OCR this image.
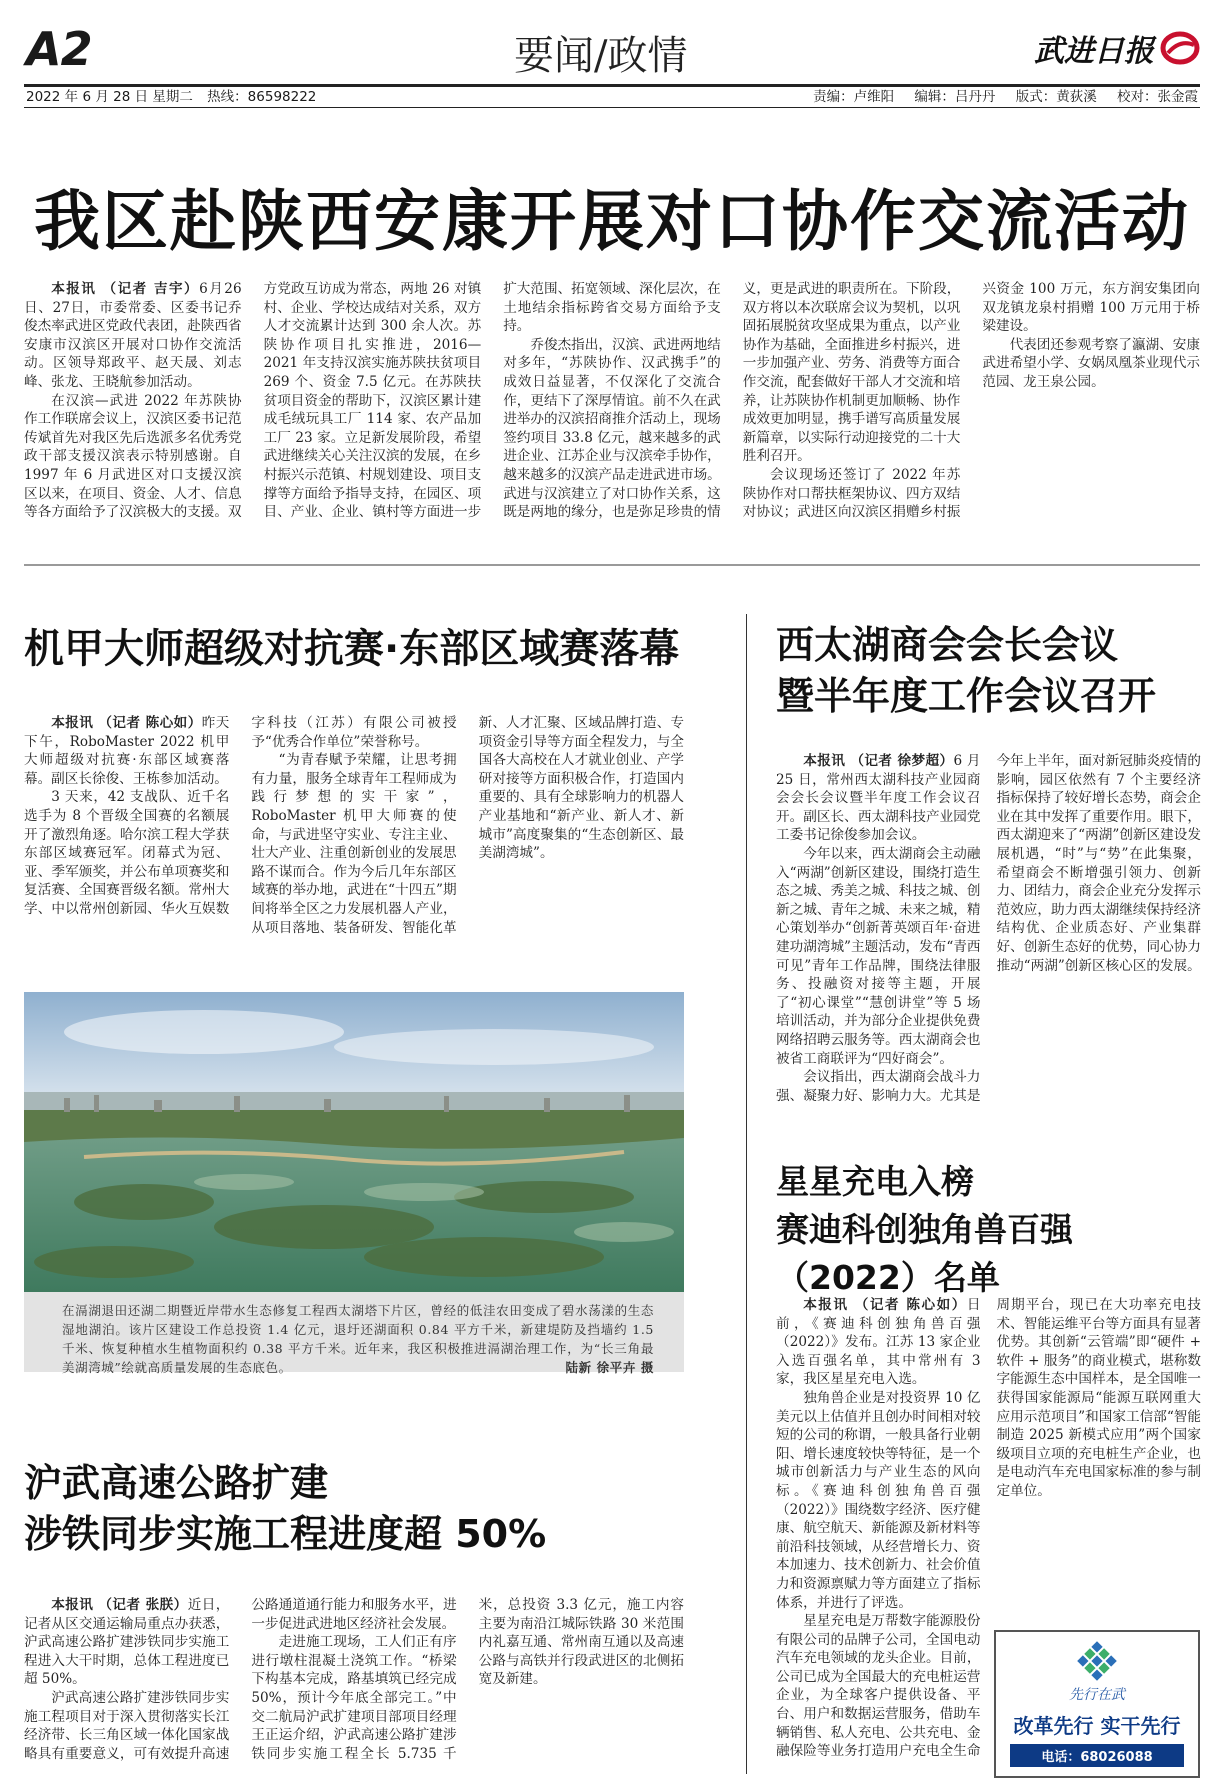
A2	要闻/政情	武进日报
2022 年 6 月 28 日 星期二 热线：86598222	责编：卢维阳 编辑：吕丹丹 版式：黄荻溪 校对：张金霞
我区赴陕西安康开展对口协作交流活动

本报讯 （记者 吉宇）6月26日、27日，市委常委、区委书记乔俊杰率武进区党政代表团，赴陕西省安康市汉滨区开展对口协作交流活动。区领导郑政平、赵天晟、刘志峰、张龙、王晓航参加活动。

在汉滨—武进 2022 年苏陕协作工作联席会议上，汉滨区委书记范传斌首先对我区先后选派多名优秀党政干部支援汉滨表示特别感谢。自 1997 年 6 月武进区对口支援汉滨区以来，在项目、资金、人才、信息等各方面给予了汉滨极大的支援。双方党政互访成为常态，两地 26 对镇村、企业、学校达成结对关系，双方人才交流累计达到 300 余人次。苏陕协作项目扎实推进，2016—2021 年支持汉滨实施苏陕扶贫项目 269 个、资金 7.5 亿元。在苏陕扶贫项目资金的帮助下，汉滨区累计建成毛绒玩具工厂 114 家、农产品加工厂 23 家。立足新发展阶段，希望武进继续关心关注汉滨的发展，在乡村振兴示范镇、村规划建设、项目支撑等方面给予指导支持，在园区、项目、产业、企业、镇村等方面进一步扩大范围、拓宽领域、深化层次，在土地结余指标跨省交易方面给予支持。

乔俊杰指出，汉滨、武进两地结对多年，“苏陕协作、汉武携手”的成效日益显著，不仅深化了交流合作，更结下了深厚情谊。前不久在武进举办的汉滨招商推介活动上，现场签约项目 33.8 亿元，越来越多的武进企业、江苏企业与汉滨牵手协作，越来越多的汉滨产品走进武进市场。武进与汉滨建立了对口协作关系，这既是两地的缘分，也是弥足珍贵的情义，更是武进的职责所在。下阶段，双方将以本次联席会议为契机，以巩固拓展脱贫攻坚成果为重点，以产业协作为基础，全面推进乡村振兴，进一步加强产业、劳务、消费等方面合作交流，配套做好干部人才交流和培养，让苏陕协作机制更加顺畅、协作成效更加明显，携手谱写高质量发展新篇章，以实际行动迎接党的二十大胜利召开。

会议现场还签订了 2022 年苏陕协作对口帮扶框架协议、四方双结对协议；武进区向汉滨区捐赠乡村振兴资金 100 万元，东方润安集团向双龙镇龙泉村捐赠 100 万元用于桥梁建设。

代表团还参观考察了瀛湖、安康武进希望小学、女娲凤凰茶业现代示范园、龙王泉公园。

机甲大师超级对抗赛·东部区域赛落幕

本报讯 （记者 陈心如）昨天下午，RoboMaster 2022 机甲大师超级对抗赛·东部区域赛落幕。副区长徐俊、王栋参加活动。

3 天来，42 支战队、近千名选手为 8 个晋级全国赛的名额展开了激烈角逐。哈尔滨工程大学获东部区域赛冠军。闭幕式为冠、亚、季军颁奖，并公布单项赛奖和复活赛、全国赛晋级名额。常州大学、中以常州创新园、华火互娱数字科技（江苏）有限公司被授予“优秀合作单位”荣誉称号。

“为青春赋予荣耀，让思考拥有力量，服务全球青年工程师成为践行梦想的实干家”，RoboMaster 机甲大师赛的使命，与武进坚守实业、专注主业、壮大产业、注重创新创业的发展思路不谋而合。作为今后几年东部区域赛的举办地，武进在“十四五”期间将举全区之力发展机器人产业，从项目落地、装备研发、智能化革新、人才汇聚、区域品牌打造、专项资金引导等方面全程发力，与全国各大高校在人才就业创业、产学研对接等方面积极合作，打造国内重要的、具有全球影响力的机器人产业基地和“新产业、新人才、新城市”高度聚集的“生态创新区、最美湖湾城”。

在滆湖退田还湖二期暨近岸带水生态修复工程西太湖塔下片区，曾经的低洼农田变成了碧水荡漾的生态湿地湖泊。该片区建设工作总投资 1.4 亿元，退圩还湖面积 0.84 平方千米，新建堤防及挡墙约 1.5 千米、恢复种植水生植物面积约 0.38 平方千米。近年来，我区积极推进滆湖治理工作，为“长三角最美湖湾城”绘就高质量发展的生态底色。	陆新 徐平卉 摄
沪武高速公路扩建
涉铁同步实施工程进度超 50%

本报讯 （记者 张朕）近日，记者从区交通运输局重点办获悉，沪武高速公路扩建涉铁同步实施工程进入大干时期，总体工程进度已超 50%。

沪武高速公路扩建涉铁同步实施工程项目对于深入贯彻落实长江经济带、长三角区域一体化国家战略具有重要意义，可有效提升高速公路通道通行能力和服务水平，进一步促进武进地区经济社会发展。

走进施工现场，工人们正有序进行墩柱混凝土浇筑工作。“桥梁下构基本完成，路基填筑已经完成 50%，预计今年底全部完工。”中交二航局沪武扩建项目部项目经理王正运介绍，沪武高速公路扩建涉铁同步实施工程全长 5.735 千米，总投资 3.3 亿元，施工内容主要为南沿江城际铁路 30 米范围内礼嘉互通、常州南互通以及高速公路与高铁并行段武进区的北侧拓宽及新建。

西太湖商会会长会议
暨半年度工作会议召开

本报讯 （记者 徐梦超）6 月 25 日，常州西太湖科技产业园商会会长会议暨半年度工作会议召开。副区长、西太湖科技产业园党工委书记徐俊参加会议。

今年以来，西太湖商会主动融入“两湖”创新区建设，围绕打造生态之城、秀美之城、科技之城、创新之城、青年之城、未来之城，精心策划举办“创新菁英颂百年·奋进建功湖湾城”主题活动，发布“青西可见”青年工作品牌，围绕法律服务、投融资对接等主题，开展了“初心课堂”“慧创讲堂”等 5 场培训活动，并为部分企业提供免费网络招聘云服务等。西太湖商会也被省工商联评为“四好商会”。

会议指出，西太湖商会战斗力强、凝聚力好、影响力大。尤其是今年上半年，面对新冠肺炎疫情的影响，园区依然有 7 个主要经济指标保持了较好增长态势，商会企业在其中发挥了重要作用。眼下，西太湖迎来了“两湖”创新区建设发展机遇，“时”与“势”在此集聚，希望商会不断增强引领力、创新力、团结力，商会企业充分发挥示范效应，助力西太湖继续保持经济结构优、企业质态好、产业集群好、创新生态好的优势，同心协力推动“两湖”创新区核心区的发展。

星星充电入榜
赛迪科创独角兽百强（2022）名单

本报讯 （记者 陈心如）日前，《赛迪科创独角兽百强（2022）》发布。江苏 13 家企业入选百强名单，其中常州有 3 家，我区星星充电入选。

独角兽企业是对投资界 10 亿美元以上估值并且创办时间相对较短的公司的称谓，一般具备行业朝阳、增长速度较快等特征，是一个城市创新活力与产业生态的风向标。《赛迪科创独角兽百强（2022）》围绕数字经济、医疗健康、航空航天、新能源及新材料等前沿科技领域，从经营增长力、资本加速力、技术创新力、社会价值力和资源禀赋力等方面建立了指标体系，并进行了评选。

星星充电是万帮数字能源股份有限公司的品牌子公司，全国电动汽车充电领域的龙头企业。目前，公司已成为全国最大的充电桩运营企业，为全球客户提供设备、平台、用户和数据运营服务，借助车辆销售、私人充电、公共充电、金融保险等业务打造用户充电全生命周期平台，现已在大功率充电技术、智能运维平台等方面具有显著优势。其创新“云管端”即“硬件 + 软件 + 服务”的商业模式，堪称数字能源生态中国样本，是全国唯一获得国家能源局“能源互联网重大应用示范项目”和国家工信部“智能制造 2025 新模式应用”两个国家级项目立项的充电桩生产企业，也是电动汽车充电国家标准的参与制定单位。

先行在武
改革先行 实干先行
电话：68026088
